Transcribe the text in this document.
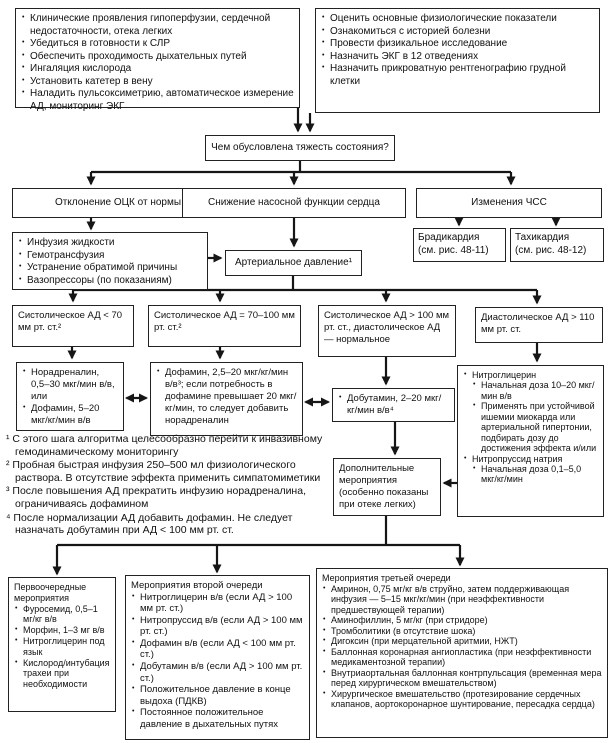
• Клинические проявления гипоперфузии, сердечной недостаточности, отека легких
• Убедиться в готовности к СЛР
• Обеспечить проходимость дыхательных путей
• Ингаляция кислорода
• Установить катетер в вену
• Наладить пульсоксиметрию, автоматическое измерение АД, мониторинг ЭКГ
• Оценить основные физиологические показатели
• Ознакомиться с историей болезни
• Провести физикальное исследование
• Назначить ЭКГ в 12 отведениях
• Назначить прикроватную рентгенографию грудной клетки
Чем обусловлена тяжесть состояния?
Отклонение ОЦК от нормы	Снижение насосной функции сердца	Изменения ЧСС
• Инфузия жидкости
• Гемотрансфузия
• Устранение обратимой причины
• Вазопрессоры (по показаниям)
Артериальное давление¹
Брадикардия
(см. рис. 48-11)
Тахикардия
(см. рис. 48-12)
Систолическое АД < 70 мм рт. ст.²
Систолическое АД = 70–100 мм рт. ст.²
Систолическое АД > 100 мм рт. ст., диастолическое АД — нормальное
Диастолическое АД > 110 мм рт. ст.
• Норадреналин, 0,5–30 мкг/мин в/в, или
• Дофамин, 5–20 мкг/кг/мин в/в
• Дофамин, 2,5–20 мкг/кг/мин в/в³; если потребность в дофамине превышает 20 мкг/кг/мин, то следует добавить норадреналин
• Добутамин, 2–20 мкг/кг/мин в/в⁴
• Нитроглицерин
• Начальная доза 10–20 мкг/мин в/в
• Применять при устойчивой ишемии миокарда или артериальной гипертонии, подбирать дозу до достижения эффекта и/или
• Нитропруссид натрия
• Начальная доза 0,1–5,0 мкг/кг/мин
Дополнительные мероприятия (особенно показаны при отеке легких)
¹ С этого шага алгоритма целесообразно перейти к инвазивному гемодинамическому мониторингу
² Пробная быстрая инфузия 250–500 мл физиологического раствора. В отсутствие эффекта применить симпатомиметики
³ После повышения АД прекратить инфузию норадреналина, ограничиваясь дофамином
⁴ После нормализации АД добавить дофамин. Не следует назначать добутамин при АД < 100 мм рт. ст.
Первоочередные мероприятия
• Фуросемид, 0,5–1 мг/кг в/в
• Морфин, 1–3 мг в/в
• Нитроглицерин под язык
• Кислород/интубация трахеи при необходимости
Мероприятия второй очереди
• Нитроглицерин в/в (если АД > 100 мм рт. ст.)
• Нитропруссид в/в (если АД > 100 мм рт. ст.)
• Дофамин в/в (если АД < 100 мм рт. ст.)
• Добутамин в/в (если АД > 100 мм рт. ст.)
• Положительное давление в конце выдоха (ПДКВ)
• Постоянное положительное давление в дыхательных путях
Мероприятия третьей очереди
• Амринон, 0,75 мг/кг в/в струйно, затем поддерживающая инфузия — 5–15 мкг/кг/мин (при неэффективности предшествующей терапии)
• Аминофиллин, 5 мг/кг (при стридоре)
• Тромболитики (в отсутствие шока)
• Дигоксин (при мерцательной аритмии, НЖТ)
• Баллонная коронарная ангиопластика (при неэффективности медикаментозной терапии)
• Внутриаортальная баллонная контрпульсация (временная мера перед хирургическом вмешательством)
• Хирургическое вмешательство (протезирование сердечных клапанов, аортокоронарное шунтирование, пересадка сердца)
